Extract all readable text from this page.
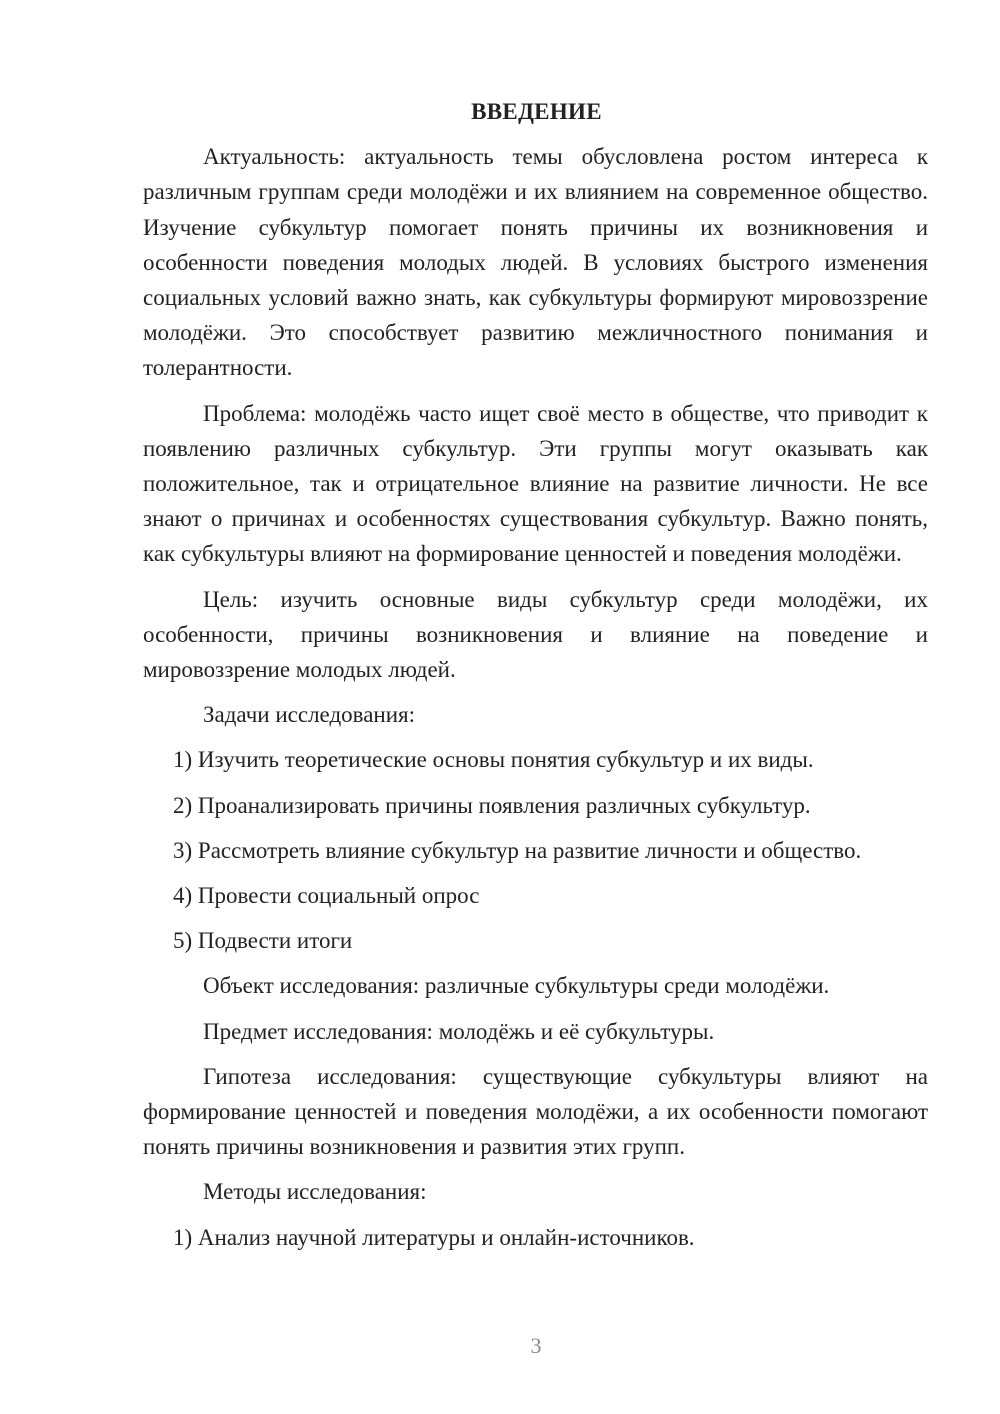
ВВЕДЕНИЕ

Актуальность: актуальность темы обусловлена ростом интереса к различным группам среди молодёжи и их влиянием на современное общество. Изучение субкультур помогает понять причины их возникновения и особенности поведения молодых людей. В условиях быстрого изменения социальных условий важно знать, как субкультуры формируют мировоззрение молодёжи. Это способствует развитию межличностного понимания и толерантности.

Проблема: молодёжь часто ищет своё место в обществе, что приводит к появлению различных субкультур. Эти группы могут оказывать как положительное, так и отрицательное влияние на развитие личности. Не все знают о причинах и особенностях существования субкультур. Важно понять, как субкультуры влияют на формирование ценностей и поведения молодёжи.

Цель: изучить основные виды субкультур среди молодёжи, их особенности, причины возникновения и влияние на поведение и мировоззрение молодых людей.

Задачи исследования:
1) Изучить теоретические основы понятия субкультур и их виды.
2) Проанализировать причины появления различных субкультур.
3) Рассмотреть влияние субкультур на развитие личности и общество.
4) Провести социальный опрос
5) Подвести итоги
Объект исследования: различные субкультуры среди молодёжи.
Предмет исследования: молодёжь и её субкультуры.

Гипотеза исследования: существующие субкультуры влияют на формирование ценностей и поведения молодёжи, а их особенности помогают понять причины возникновения и развития этих групп.

Методы исследования:
1) Анализ научной литературы и онлайн-источников.
3
